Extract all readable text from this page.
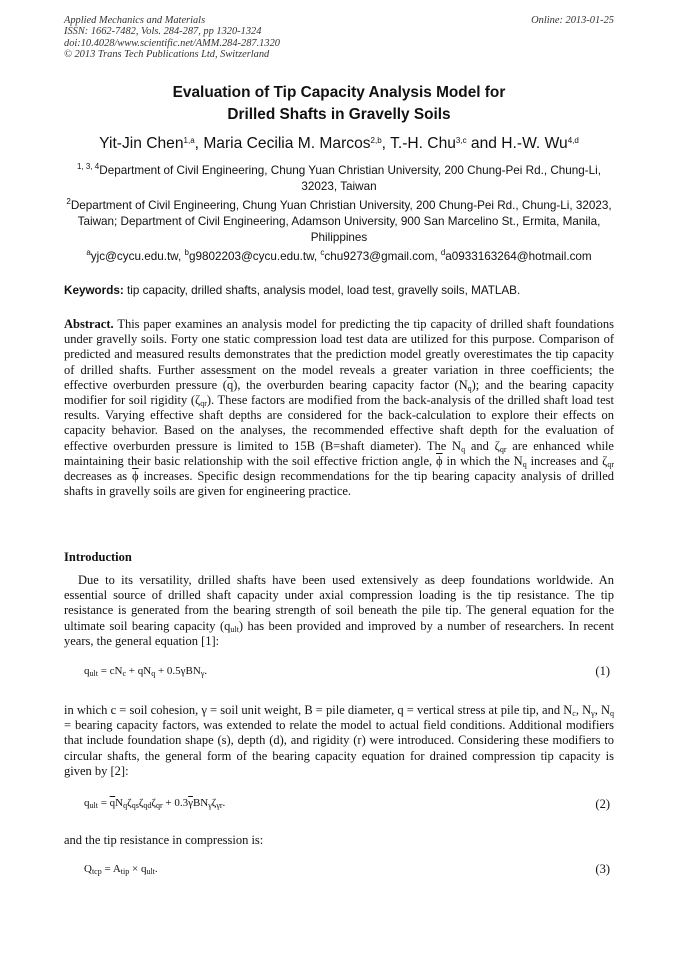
Applied Mechanics and Materials
ISSN: 1662-7482, Vols. 284-287, pp 1320-1324
doi:10.4028/www.scientific.net/AMM.284-287.1320
© 2013 Trans Tech Publications Ltd, Switzerland
Online: 2013-01-25
Evaluation of Tip Capacity Analysis Model for
Drilled Shafts in Gravelly Soils
Yit-Jin Chen$^{1,a}$, Maria Cecilia M. Marcos$^{2,b}$, T.-H. Chu$^{3,c}$ and H.-W. Wu$^{4,d}$
$^{1, 3, 4}$Department of Civil Engineering, Chung Yuan Christian University, 200 Chung-Pei Rd., Chung-Li, 32023, Taiwan
$^2$Department of Civil Engineering, Chung Yuan Christian University, 200 Chung-Pei Rd., Chung-Li, 32023, Taiwan; Department of Civil Engineering, Adamson University, 900 San Marcelino St., Ermita, Manila, Philippines
$^a$yjc@cycu.edu.tw, $^b$g9802203@cycu.edu.tw, $^c$chu9273@gmail.com, $^d$a0933163264@hotmail.com
Keywords: tip capacity, drilled shafts, analysis model, load test, gravelly soils, MATLAB.
Abstract. This paper examines an analysis model for predicting the tip capacity of drilled shaft foundations under gravelly soils. Forty one static compression load test data are utilized for this purpose. Comparison of predicted and measured results demonstrates that the prediction model greatly overestimates the tip capacity of drilled shafts. Further assessment on the model reveals a greater variation in three coefficients; the effective overburden pressure $(\overline{q})$, the overburden bearing capacity factor $(N_q)$; and the bearing capacity modifier for soil rigidity $(\zeta_{qr})$. These factors are modified from the back-analysis of the drilled shaft load test results. Varying effective shaft depths are considered for the back-calculation to explore their effects on capacity behavior. Based on the analyses, the recommended effective shaft depth for the evaluation of effective overburden pressure is limited to 15B (B=shaft diameter). The $N_q$ and $\zeta_{qr}$ are enhanced while maintaining their basic relationship with the soil effective friction angle, $\overline{\phi}$ in which the $N_q$ increases and $\zeta_{qr}$ decreases as $\overline{\phi}$ increases. Specific design recommendations for the tip bearing capacity analysis of drilled shafts in gravelly soils are given for engineering practice.
Introduction
Due to its versatility, drilled shafts have been used extensively as deep foundations worldwide. An essential source of drilled shaft capacity under axial compression loading is the tip resistance. The tip resistance is generated from the bearing strength of soil beneath the pile tip. The general equation for the ultimate soil bearing capacity $(q_{ult})$ has been provided and improved by a number of researchers. In recent years, the general equation [1]:
$q_{ult} = cN_c + qN_q + 0.5\gamma BN_\gamma$.	(1)
in which c = soil cohesion, γ = soil unit weight, B = pile diameter, q = vertical stress at pile tip, and $N_c$, $N_\gamma$, $N_q$ = bearing capacity factors, was extended to relate the model to actual field conditions. Additional modifiers that include foundation shape (s), depth (d), and rigidity (r) were introduced. Considering these modifiers to circular shafts, the general form of the bearing capacity equation for drained compression tip capacity is given by [2]:
$q_{ult} = \overline{q}N_q\zeta_{qs}\zeta_{qd}\zeta_{qr} + 0.3\overline{\gamma}BN_\gamma\zeta_{\gamma r}$.	(2)
and the tip resistance in compression is:
$Q_{tcp} = A_{tip} \times q_{ult}$.	(3)
